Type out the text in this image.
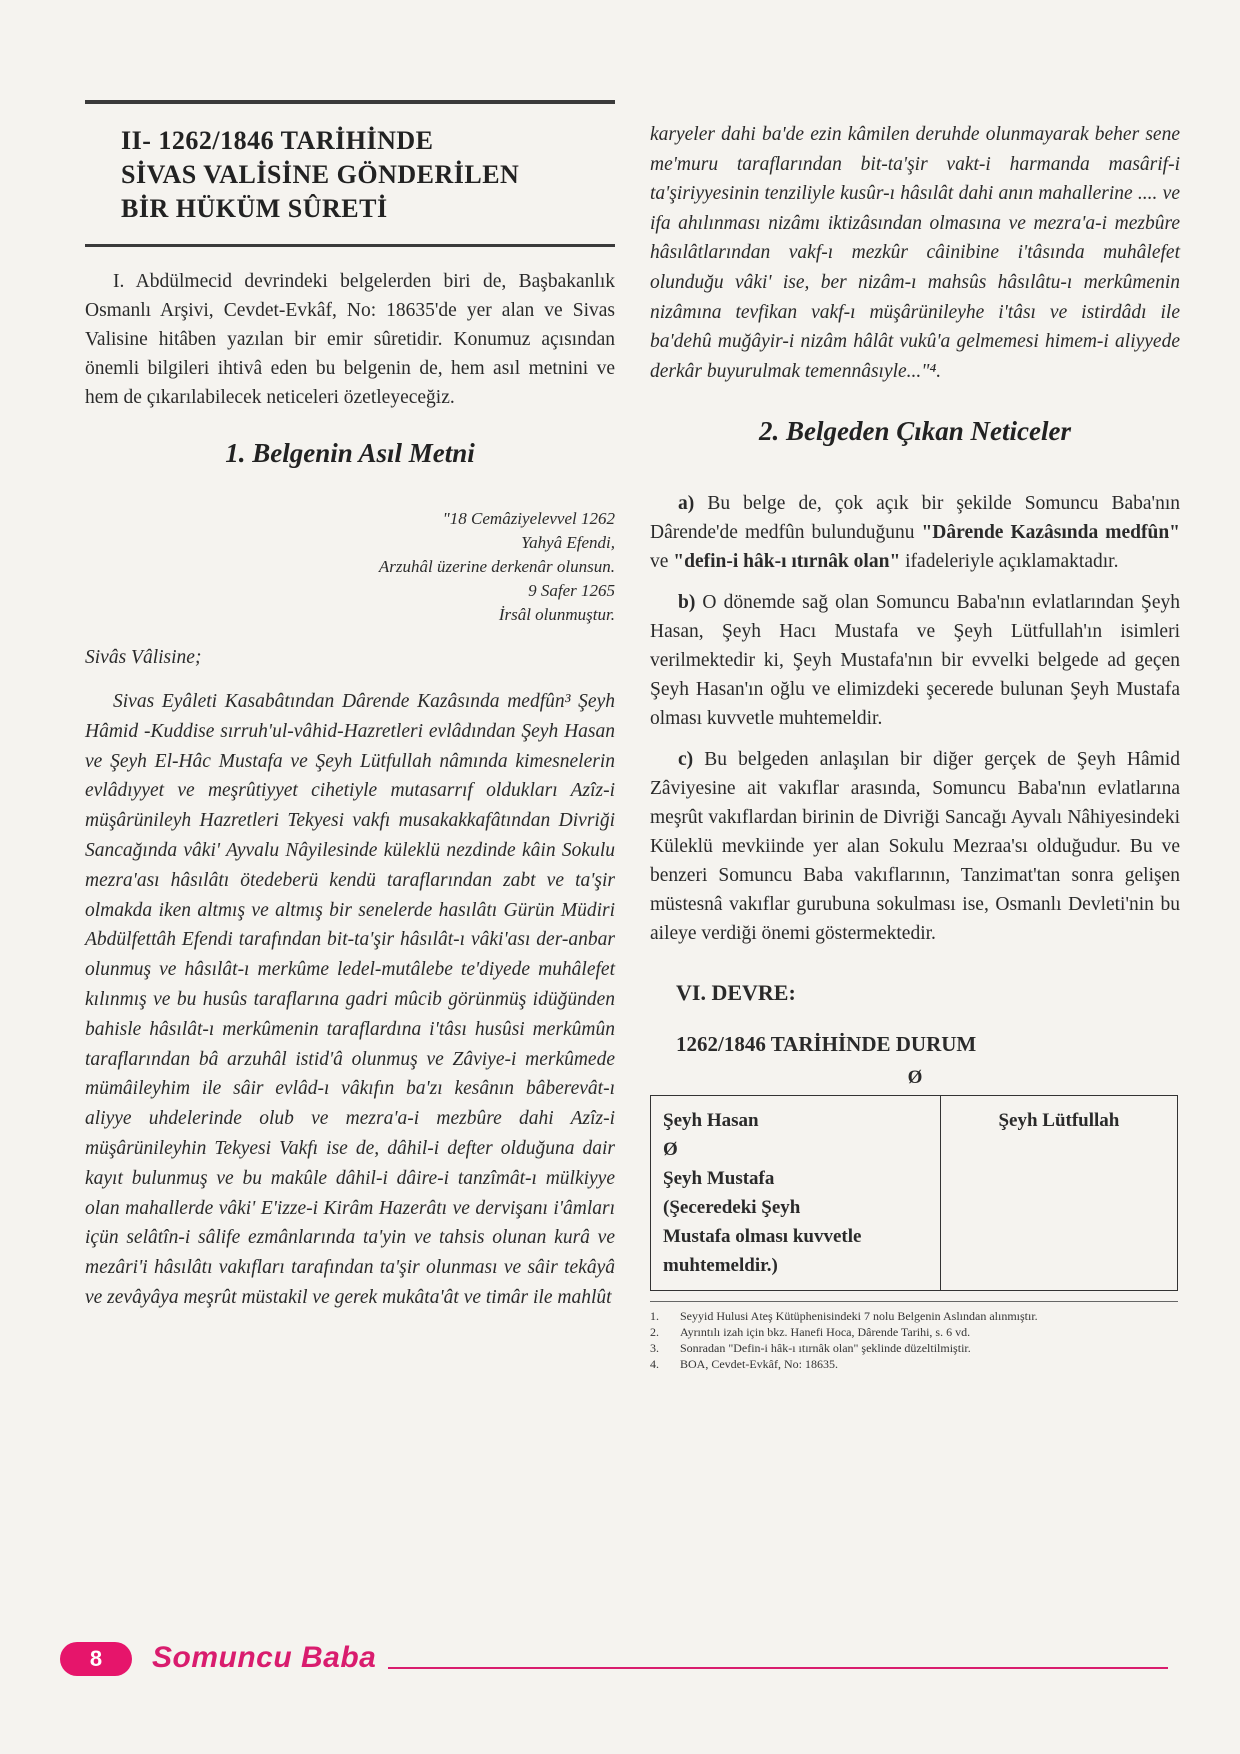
II- 1262/1846 TARİHİNDE
SİVAS VALİSİNE GÖNDERİLEN
BİR HÜKÜM SÛRETİ

I. Abdülmecid devrindeki belgelerden biri de, Başbakanlık Osmanlı Arşivi, Cevdet-Evkâf, No: 18635'de yer alan ve Sivas Valisine hitâben yazılan bir emir sûretidir. Konumuz açısından önemli bilgileri ihtivâ eden bu belgenin de, hem asıl metnini ve hem de çıkarılabilecek neticeleri özetleyeceğiz.

1. Belgenin Asıl Metni

"18 Cemâziyelevvel 1262

Yahyâ Efendi,

Arzuhâl üzerine derkenâr olunsun.

9 Safer 1265

İrsâl olunmuştur.

Sivâs Vâlisine;

Sivas Eyâleti Kasabâtından Dârende Kazâsında medfûn³ Şeyh Hâmid -Kuddise sırruh'ul-vâhid-Hazretleri evlâdından Şeyh Hasan ve Şeyh El-Hâc Mustafa ve Şeyh Lütfullah nâmında kimesnelerin evlâdıyyet ve meşrûtiyyet cihetiyle mutasarrıf oldukları Azîz-i müşârünileyh Hazretleri Tekyesi vakfı musakakkafâtından Divriği Sancağında vâki' Ayvalu Nâyilesinde küleklü nezdinde kâin Sokulu mezra'ası hâsılâtı ötedeberü kendü taraflarından zabt ve ta'şir olmakda iken altmış ve altmış bir senelerde hasılâtı Gürün Müdiri Abdülfettâh Efendi tarafından bit-ta'şir hâsılât-ı vâki'ası der-anbar olunmuş ve hâsılât-ı merkûme ledel-mutâlebe te'diyede muhâlefet kılınmış ve bu husûs taraflarına gadri mûcib görünmüş idüğünden bahisle hâsılât-ı merkûmenin taraflardına i'tâsı husûsi merkûmûn taraflarından bâ arzuhâl istid'â olunmuş ve Zâviye-i merkûmede mümâileyhim ile sâir evlâd-ı vâkıfın ba'zı kesânın bâberevât-ı aliyye uhdelerinde olub ve mezra'a-i mezbûre dahi Azîz-i müşârünileyhin Tekyesi Vakfı ise de, dâhil-i defter olduğuna dair kayıt bulunmuş ve bu makûle dâhil-i dâire-i tanzîmât-ı mülkiyye olan mahallerde vâki' E'izze-i Kirâm Hazerâtı ve dervişanı i'âmları içün selâtîn-i sâlife ezmânlarında ta'yin ve tahsis olunan kurâ ve mezâri'i hâsılâtı vakıfları tarafından ta'şir olunması ve sâir tekâyâ ve zevâyâya meşrût müstakil ve gerek mukâta'ât ve timâr ile mahlût

karyeler dahi ba'de ezin kâmilen deruhde olunmayarak beher sene me'muru taraflarından bit-ta'şir vakt-i harmanda masârif-i ta'şiriyyesinin tenziliyle kusûr-ı hâsılât dahi anın mahallerine .... ve ifa ahılınması nizâmı iktizâsından olmasına ve mezra'a-i mezbûre hâsılâtlarından vakf-ı mezkûr câinibine i'tâsında muhâlefet olunduğu vâki' ise, ber nizâm-ı mahsûs hâsılâtu-ı merkûmenin nizâmına tevfikan vakf-ı müşârünileyhe i'tâsı ve istirdâdı ile ba'dehû muğâyir-i nizâm hâlât vukû'a gelmemesi himem-i aliyyede derkâr buyurulmak temennâsıyle..."⁴.

2. Belgeden Çıkan Neticeler

a) Bu belge de, çok açık bir şekilde Somuncu Baba'nın Dârende'de medfûn bulunduğunu "Dârende Kazâsında medfûn" ve "defin-i hâk-ı ıtırnâk olan" ifadeleriyle açıklamaktadır.

b) O dönemde sağ olan Somuncu Baba'nın evlatlarından Şeyh Hasan, Şeyh Hacı Mustafa ve Şeyh Lütfullah'ın isimleri verilmektedir ki, Şeyh Mustafa'nın bir evvelki belgede ad geçen Şeyh Hasan'ın oğlu ve elimizdeki şecerede bulunan Şeyh Mustafa olması kuvvetle muhtemeldir.

c) Bu belgeden anlaşılan bir diğer gerçek de Şeyh Hâmid Zâviyesine ait vakıflar arasında, Somuncu Baba'nın evlatlarına meşrût vakıflardan birinin de Divriği Sancağı Ayvalı Nâhiyesindeki Küleklü mevkiinde yer alan Sokulu Mezraa'sı olduğudur. Bu ve benzeri Somuncu Baba vakıflarının, Tanzimat'tan sonra gelişen müstesnâ vakıflar gurubuna sokulması ise, Osmanlı Devleti'nin bu aileye verdiği önemi göstermektedir.

VI. DEVRE:

1262/1846 TARİHİNDE DURUM

Ø

Şeyh Hasan
Ø
Şeyh Mustafa
(Şeceredeki Şeyh
Mustafa olması kuvvetle
muhtemeldir.)

Şeyh Lütfullah

1.	Seyyid Hulusi Ateş Kütüphenisindeki 7 nolu Belgenin Aslından alınmıştır.

2.	Ayrıntılı izah için bkz. Hanefi Hoca, Dârende Tarihi, s. 6 vd.

3.	Sonradan "Defin-i hâk-ı ıtırnâk olan" şeklinde düzeltilmiştir.

4.	BOA, Cevdet-Evkâf, No: 18635.

8	Somuncu Baba
